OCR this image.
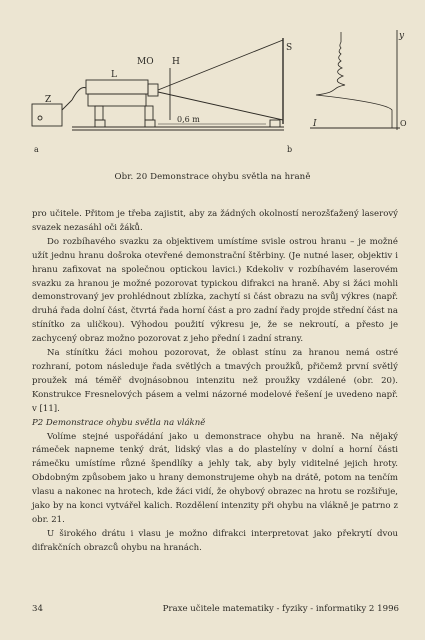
MO H
S
L
Z
0,6 m
a	b
I
y
O
Obr. 20 Demonstrace ohybu světla na hraně

pro učitele. Přitom je třeba zajistit, aby za žádných okolností nerozšťažený laserový svazek nezasáhl oči žáků.

Do rozbíhavého svazku za objektivem umístíme svisle ostrou hranu – je možné užít jednu hranu došroka otevřené demonstrační štěrbiny. (Je nutné laser, objektiv i hranu zafixovat na společnou optickou lavici.) Kdekoliv v rozbíhavém laserovém svazku za hranou je možné pozorovat typickou difrakci na hraně. Aby si žáci mohli demonstrovaný jev prohlédnout zblízka, zachytí si část obrazu na svůj výkres (např. druhá řada dolní část, čtvrtá řada horní část a pro zadní řady projde střední část na stínítko za uličkou). Výhodou použití výkresu je, že se nekroutí, a přesto je zachycený obraz možno pozorovat z jeho přední i zadní strany.

Na stínítku žáci mohou pozorovat, že oblast stínu za hranou nemá ostré rozhraní, potom následuje řada světlých a tmavých proužků, přičemž první světlý proužek má téměř dvojnásobnou intenzitu než proužky vzdálené (obr. 20). Konstrukce Fresnelových pásem a velmi názorné modelové řešení je uvedeno např. v [11].

P2 Demonstrace ohybu světla na vlákně

Volíme stejné uspořádání jako u demonstrace ohybu na hraně. Na nějaký rámeček napneme tenký drát, lidský vlas a do plastelíny v dolní a horní části rámečku umístíme různé špendlíky a jehly tak, aby byly viditelné jejich hroty. Obdobným způsobem jako u hrany demonstrujeme ohyb na drátě, potom na tenčím vlasu a nakonec na hrotech, kde žáci vidí, že ohybový obrazec na hrotu se rozšiřuje, jako by na konci vytvářel kalich. Rozdělení intenzity při ohybu na vlákně je patrno z obr. 21.

U širokého drátu i vlasu je možno difrakci interpretovat jako překrytí dvou difrakčních obrazců ohybu na hranách.

34	Praxe učitele matematiky - fyziky - informatiky 2 1996
